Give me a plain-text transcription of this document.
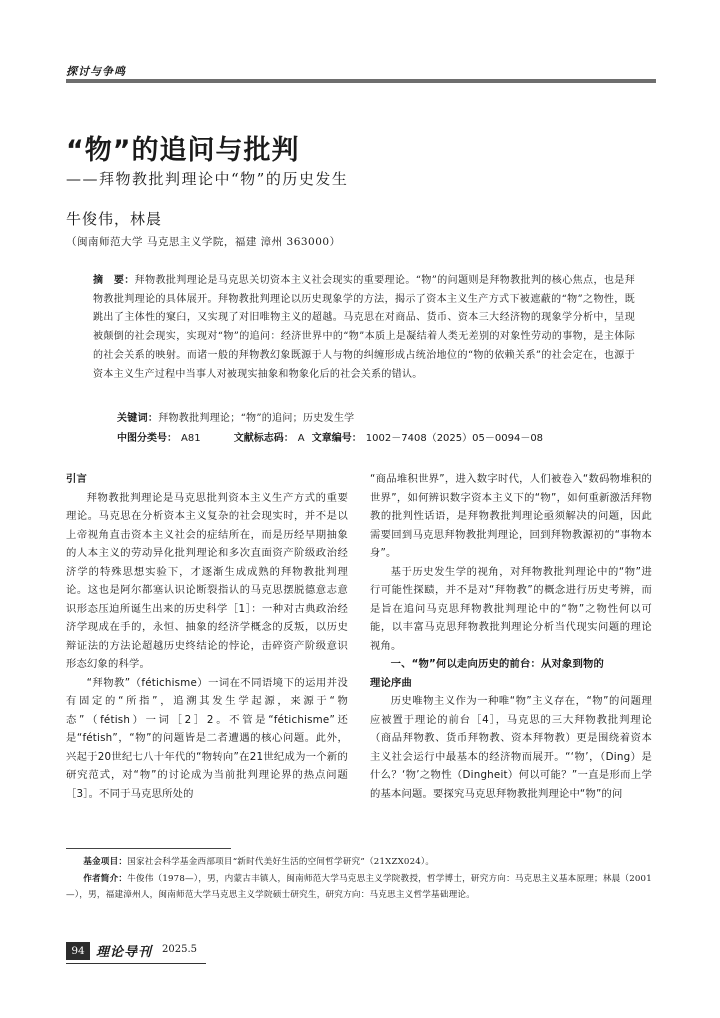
探讨与争鸣
“物”的追问与批判
——拜物教批判理论中“物”的历史发生
牛俊伟，林晨
（闽南师范大学 马克思主义学院，福建 漳州 363000）
摘　要：拜物教批判理论是马克思关切资本主义社会现实的重要理论。“物”的问题则是拜物教批判的核心焦点，也是拜物教批判理论的具体展开。拜物教批判理论以历史现象学的方法，揭示了资本主义生产方式下被遮蔽的“物”之物性，既跳出了主体性的窠臼，又实现了对旧唯物主义的超越。马克思在对商品、货币、资本三大经济物的现象学分析中，呈现被颠倒的社会现实，实现对“物”的追问：经济世界中的“物”本质上是凝结着人类无差别的对象性劳动的事物，是主体际的社会关系的映射。而诸一般的拜物教幻象既源于人与物的纠缠形成占统治地位的“物的依赖关系”的社会定在，也源于资本主义生产过程中当事人对被现实抽象和物象化后的社会关系的错认。
关键词：拜物教批判理论；“物”的追问；历史发生学
中图分类号： A81	文献标志码： A 文章编号： 1002－7408（2025）05－0094－08

引言

拜物教批判理论是马克思批判资本主义生产方式的重要理论。马克思在分析资本主义复杂的社会现实时，并不是以上帝视角直击资本主义社会的症结所在，而是历经早期抽象的人本主义的劳动异化批判理论和多次直面资产阶级政治经济学的特殊思想实验下，才逐渐生成成熟的拜物教批判理论。这也是阿尔都塞认识论断裂指认的马克思摆脱德意志意识形态压迫所诞生出来的历史科学［1］：一种对古典政治经济学现成在手的，永恒、抽象的经济学概念的反叛，以历史辩证法的方法论超越历史终结论的悖论，击碎资产阶级意识形态幻象的科学。

“拜物教”（fétichisme）一词在不同语境下的运用并没有固定的“所指”，追溯其发生学起源，来源于“物态”（fétish）一词［2］2。不管是“fétichisme”还是“fétish”，“物”的问题皆是二者遭遇的核心问题。此外，兴起于20世纪七八十年代的“物转向”在21世纪成为一个新的研究范式，对“物”的讨论成为当前批判理论界的热点问题［3］。不同于马克思所处的

“商品堆积世界”，进入数字时代，人们被卷入“数码物堆积的世界”，如何辨识数字资本主义下的“物”，如何重新激活拜物教的批判性话语，是拜物教批判理论亟须解决的问题，因此需要回到马克思拜物教批判理论，回到拜物教源初的“事物本身”。

基于历史发生学的视角，对拜物教批判理论中的“物”进行可能性探赜，并不是对“拜物教”的概念进行历史考辨，而是旨在追问马克思拜物教批判理论中的“物”之物性何以可能，以丰富马克思拜物教批判理论分析当代现实问题的理论视角。

一、“物”何以走向历史的前台：从对象到物的

理论序曲

历史唯物主义作为一种唯“物”主义存在，“物”的问题理应被置于理论的前台［4］，马克思的三大拜物教批判理论（商品拜物教、货币拜物教、资本拜物教）更是围绕着资本主义社会运行中最基本的经济物而展开。“‘物’，（Ding）是什么？‘物’之物性（Dingheit）何以可能？”一直是形而上学的基本问题。要探究马克思拜物教批判理论中“物”的问

基金项目：国家社会科学基金西部项目“新时代美好生活的空间哲学研究”（21XZX024）。

作者简介：牛俊伟（1978—），男，内蒙古丰镇人，闽南师范大学马克思主义学院教授，哲学博士，研究方向：马克思主义基本原理；林晨（2001—），男，福建漳州人，闽南师范大学马克思主义学院硕士研究生，研究方向：马克思主义哲学基础理论。

94 理论导刊 2025.5
